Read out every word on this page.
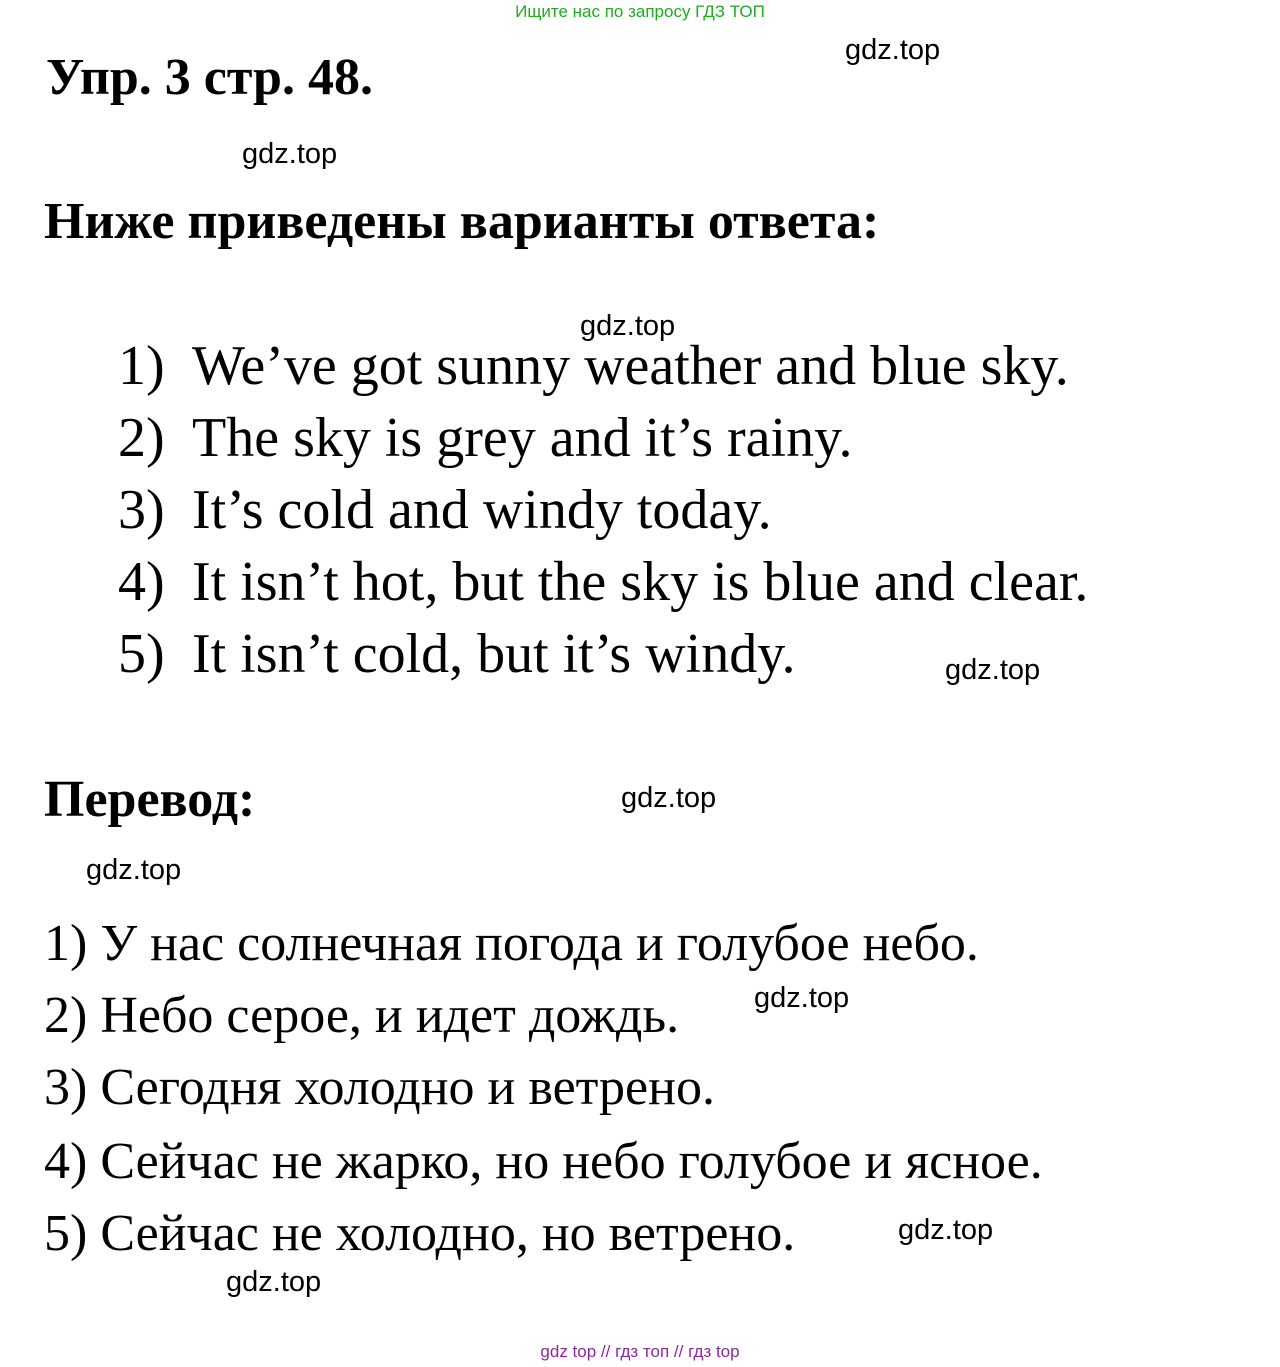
Ищите нас по запросу ГДЗ ТОП
Упр. 3 стр. 48.
Ниже приведены варианты ответа:
1) We’ve got sunny weather and blue sky.
2) The sky is grey and it’s rainy.
3) It’s cold and windy today.
4) It isn’t hot, but the sky is blue and clear.
5) It isn’t cold, but it’s windy.
Перевод:
1) У нас солнечная погода и голубое небо.
2) Небо серое, и идет дождь.
3) Сегодня холодно и ветрено.
4) Сейчас не жарко, но небо голубое и ясное.
5) Сейчас не холодно, но ветрено.
gdz.top
gdz.top
gdz.top
gdz.top
gdz.top
gdz.top
gdz.top
gdz.top
gdz.top
gdz top // гдз топ // гдз top
